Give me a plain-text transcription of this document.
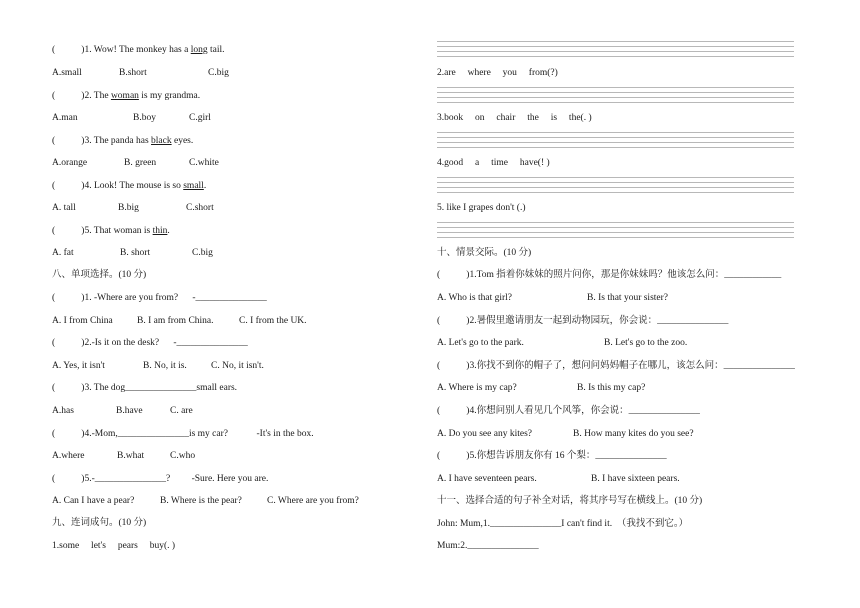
(           )1. Wow! The monkey has a long tail.
A.small	B.short	C.big
(           )2. The woman is my grandma.
A.man	B.boy	C.girl
(           )3. The panda has black eyes.
A.orange	B. green	C.white
(           )4. Look! The mouse is so small.
A. tall	B.big	C.short
(           )5. That woman is thin.
A. fat	B. short	C.big
八、单项选择。(10 分)
(           )1. -Where are you from?      -_______________
A. I from China	B. I am from China.	C. I from the UK.
(           )2.-Is it on the desk?      -_______________
A. Yes, it isn't	B. No, it is.	C. No, it isn't.
(           )3. The dog_______________small ears.
A.has	B.have	C. are
(           )4.-Mom,_______________is my car?            -It's in the box.
A.where	B.what	C.who
(           )5.-_______________?         -Sure. Here you are.
A. Can I have a pear?	B. Where is the pear?	C. Where are you from?
九、连词成句。(10 分)
1.some     let's     pears     buy(. )
2.are     where     you     from(?)
3.book     on     chair     the     is     the(. )
4.good     a     time     have(! )
5. like I grapes don't (.)
十、情景交际。(10 分)
(           )1.Tom 指着你妹妹的照片问你，那是你妹妹吗？他该怎么问：____________
A. Who is that girl?	B. Is that your sister?
(           )2.暑假里邀请朋友一起到动物园玩，你会说：_______________
A. Let's go to the park.	B. Let's go to the zoo.
(           )3.你找不到你的帽子了，想问问妈妈帽子在哪儿，该怎么问：_______________
A. Where is my cap?	B. Is this my cap?
(           )4.你想问别人看见几个风筝，你会说：_______________
A. Do you see any kites?	B. How many kites do you see?
(           )5.你想告诉朋友你有 16 个梨：_______________
A. I have seventeen pears.	B. I have sixteen pears.
十一、选择合适的句子补全对话，将其序号写在横线上。(10 分)
John: Mum,1._______________I can't find it.  （我找不到它。）
Mum:2._______________
